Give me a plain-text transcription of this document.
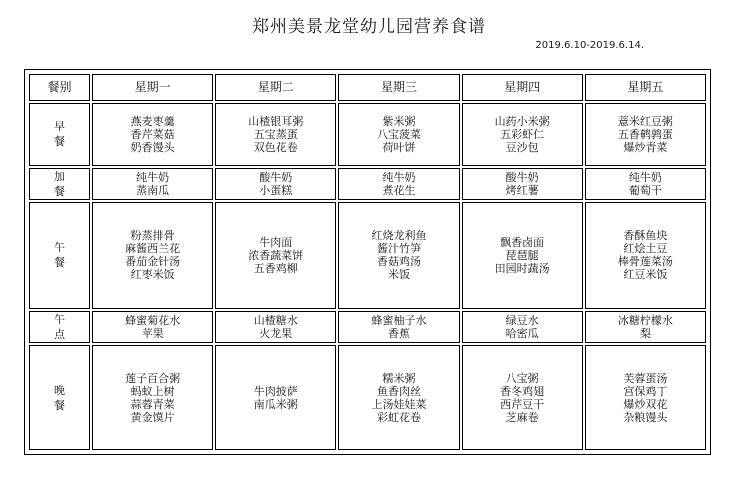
郑州美景龙堂幼儿园营养食谱
2019.6.10-2019.6.14.
餐别	星期一	星期二	星期三	星期四	星期五

早
餐	燕麦枣羹
香芹菜菇
奶香馒头	山楂银耳粥
五宝蒸蛋
双色花卷	紫米粥
八宝菠菜
荷叶饼	山药小米粥
五彩虾仁
豆沙包	薏米红豆粥
五香鹌鹑蛋
爆炒青菜

加
餐	纯牛奶
蒸南瓜	酸牛奶
小蛋糕	纯牛奶
煮花生	酸牛奶
烤红薯	纯牛奶
葡萄干

午
餐	粉蒸排骨
麻酱西兰花
番茄金针汤
红枣米饭	牛肉面
浓香蔬菜饼
五香鸡柳	红烧龙利鱼
酱汁竹笋
香菇鸡汤
米饭	飘香卤面
琵琶腿
田园时蔬汤	香酥鱼块
红烩土豆
棒骨莲菜汤
红豆米饭

午
点	蜂蜜菊花水
苹果	山楂糖水
火龙果	蜂蜜柚子水
香蕉	绿豆水
哈密瓜	冰糖柠檬水
梨

晚
餐	莲子百合粥
蚂蚁上树
蒜蓉青菜
黄金馍片	牛肉披萨
南瓜米粥	糯米粥
鱼香肉丝
上汤娃娃菜
彩虹花卷	八宝粥
香冬鸡翅
西芹豆干
芝麻卷	芙蓉蛋汤
宫保鸡丁
爆炒双花
杂粮馒头
